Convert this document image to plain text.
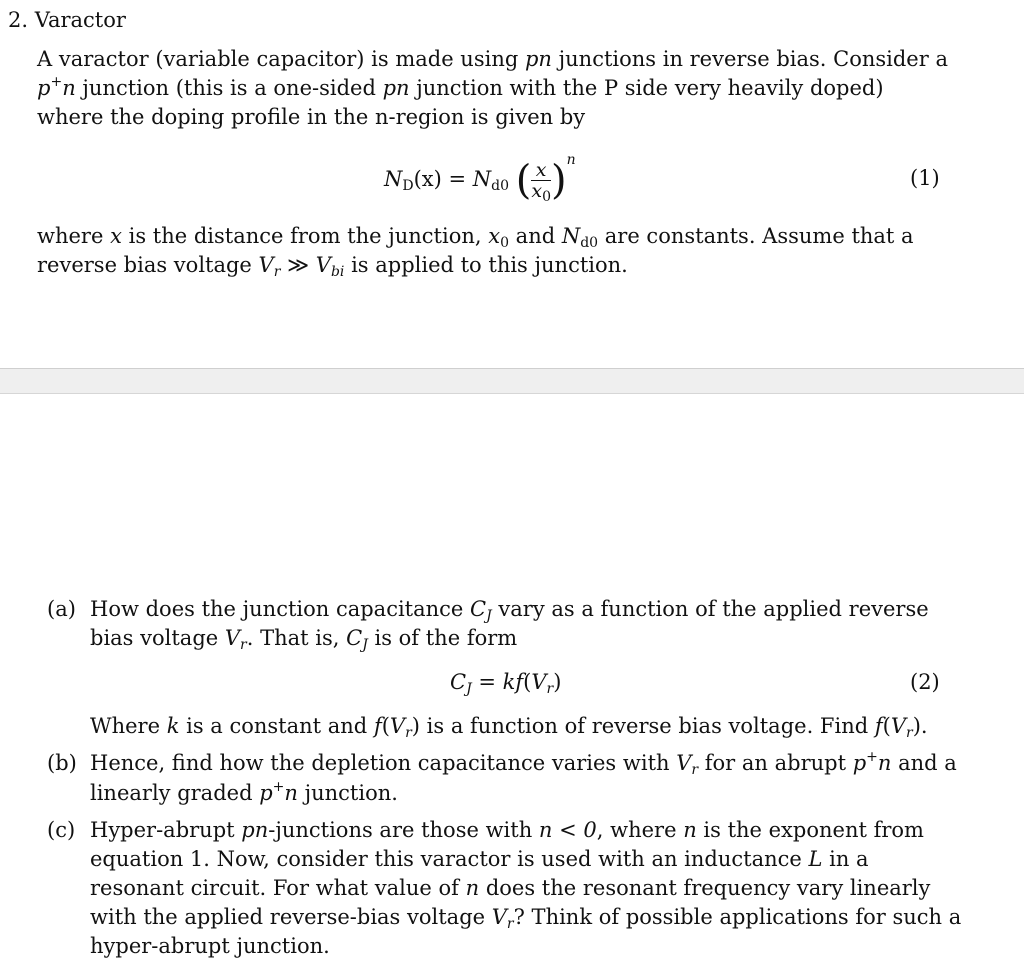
2. Varactor
A varactor (variable capacitor) is made using pn junctions in reverse bias. Consider a
p+n junction (this is a one-sided pn junction with the P side very heavily doped)
where the doping profile in the n-region is given by
$N_D(x) = N_{d0}$ ( $\frac{x}{x_0} )^n$
(1)
where x is the distance from the junction, $x_0$ and $N_{d0}$ are constants. Assume that a
reverse bias voltage $V_r$ ≫ $V_{bi}$ is applied to this junction.
(a) How does the junction capacitance $C_J$ vary as a function of the applied reverse
bias voltage $V_r$. That is, $C_J$ is of the form
$C_J = kf(V_r)$	(2)
Where k is a constant and $f(V_r)$ is a function of reverse bias voltage. Find $f(V_r)$.
(b) Hence, find how the depletion capacitance varies with $V_r$ for an abrupt p+n and a
linearly graded p+n junction.
(c) Hyper-abrupt pn-junctions are those with n < 0, where n is the exponent from
equation 1. Now, consider this varactor is used with an inductance L in a
resonant circuit. For what value of n does the resonant frequency vary linearly
with the applied reverse-bias voltage $V_r$? Think of possible applications for such a
hyper-abrupt junction.
